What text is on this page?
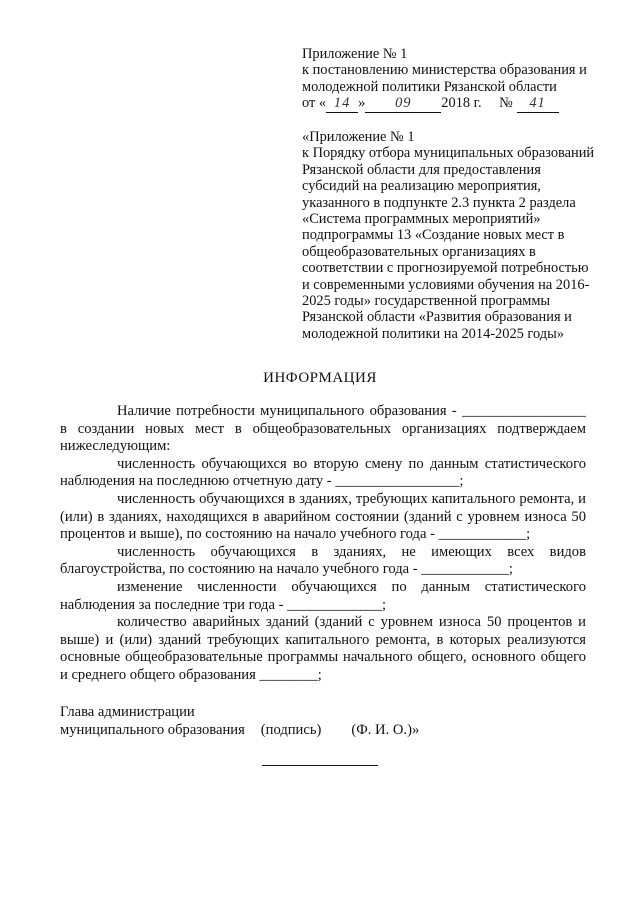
Приложение № 1
к постановлению министерства образования и
молодежной политики Рязанской области
от « 14 » 09 2018 г. № 41
«Приложение № 1
к Порядку отбора муниципальных образований
Рязанской области для предоставления
субсидий на реализацию мероприятия,
указанного в подпункте 2.3 пункта 2 раздела
«Система программных мероприятий»
подпрограммы 13 «Создание новых мест в
общеобразовательных организациях в
соответствии с прогнозируемой потребностью
и современными условиями обучения на 2016-
2025 годы» государственной программы
Рязанской области «Развития образования и
молодежной политики на 2014-2025 годы»
ИНФОРМАЦИЯ

Наличие потребности муниципального образования - _________________ в создании новых мест в общеобразовательных организациях подтверждаем нижеследующим:

численность обучающихся во вторую смену по данным статистического наблюдения на последнюю отчетную дату - _________________;

численность обучающихся в зданиях, требующих капитального ремонта, и (или) в зданиях, находящихся в аварийном состоянии (зданий с уровнем износа 50 процентов и выше), по состоянию на начало учебного года - ____________;

численность обучающихся в зданиях, не имеющих всех видов благоустройства, по состоянию на начало учебного года - ____________;

изменение численности обучающихся по данным статистического наблюдения за последние три года - _____________;

количество аварийных зданий (зданий с уровнем износа 50 процентов и выше) и (или) зданий требующих капитального ремонта, в которых реализуются основные общеобразовательные программы начального общего, основного общего и среднего общего образования ________;

Глава администрации
муниципального образования (подпись) (Ф. И. О.)»
